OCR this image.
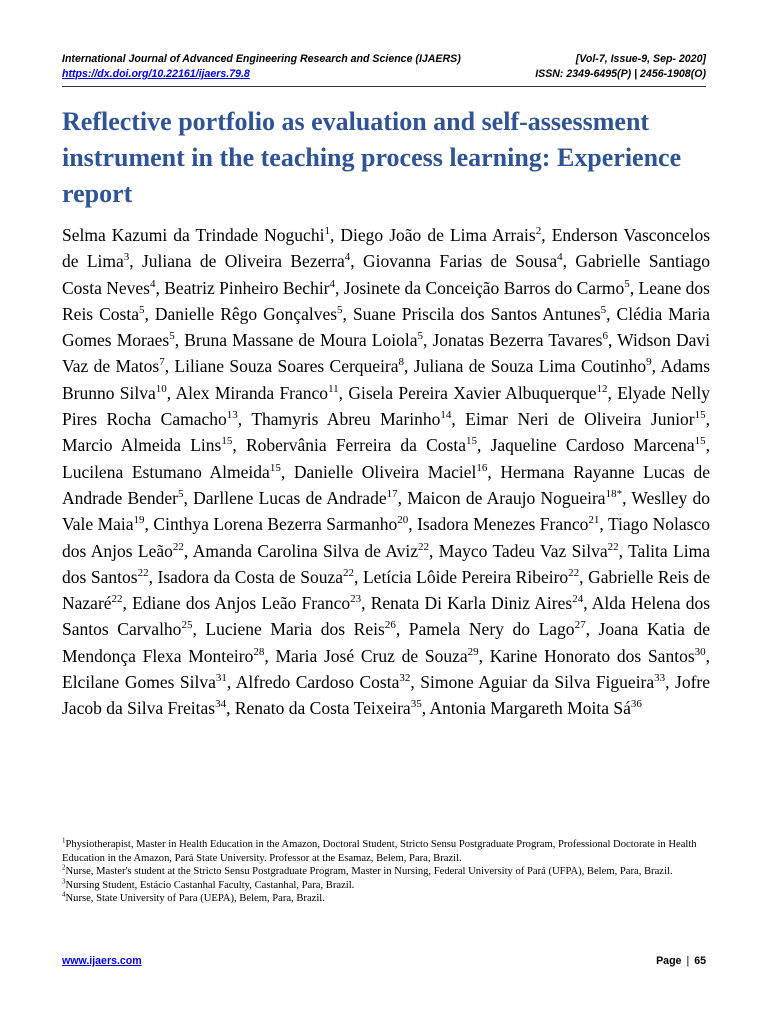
International Journal of Advanced Engineering Research and Science (IJAERS)	[Vol-7, Issue-9, Sep- 2020]
https://dx.doi.org/10.22161/ijaers.79.8	ISSN: 2349-6495(P) | 2456-1908(O)
Reflective portfolio as evaluation and self-assessment instrument in the teaching process learning: Experience report

Selma Kazumi da Trindade Noguchi$^1$, Diego João de Lima Arrais$^2$, Enderson Vasconcelos de Lima$^3$, Juliana de Oliveira Bezerra$^4$, Giovanna Farias de Sousa$^4$, Gabrielle Santiago Costa Neves$^4$, Beatriz Pinheiro Bechir$^4$, Josinete da Conceição Barros do Carmo$^5$, Leane dos Reis Costa$^5$, Danielle Rêgo Gonçalves$^5$, Suane Priscila dos Santos Antunes$^5$, Clédia Maria Gomes Moraes$^5$, Bruna Massane de Moura Loiola$^5$, Jonatas Bezerra Tavares$^6$, Widson Davi Vaz de Matos$^7$, Liliane Souza Soares Cerqueira$^8$, Juliana de Souza Lima Coutinho$^9$, Adams Brunno Silva$^{10}$, Alex Miranda Franco$^{11}$, Gisela Pereira Xavier Albuquerque$^{12}$, Elyade Nelly Pires Rocha Camacho$^{13}$, Thamyris Abreu Marinho$^{14}$, Eimar Neri de Oliveira Junior$^{15}$, Marcio Almeida Lins$^{15}$, Robervânia Ferreira da Costa$^{15}$, Jaqueline Cardoso Marcena$^{15}$, Lucilena Estumano Almeida$^{15}$, Danielle Oliveira Maciel$^{16}$, Hermana Rayanne Lucas de Andrade Bender$^5$, Darllene Lucas de Andrade$^{17}$, Maicon de Araujo Nogueira$^{18*}$, Weslley do Vale Maia$^{19}$, Cinthya Lorena Bezerra Sarmanho$^{20}$, Isadora Menezes Franco$^{21}$, Tiago Nolasco dos Anjos Leão$^{22}$, Amanda Carolina Silva de Aviz$^{22}$, Mayco Tadeu Vaz Silva$^{22}$, Talita Lima dos Santos$^{22}$, Isadora da Costa de Souza$^{22}$, Letícia Lôide Pereira Ribeiro$^{22}$, Gabrielle Reis de Nazaré$^{22}$, Ediane dos Anjos Leão Franco$^{23}$, Renata Di Karla Diniz Aires$^{24}$, Alda Helena dos Santos Carvalho$^{25}$, Luciene Maria dos Reis$^{26}$, Pamela Nery do Lago$^{27}$, Joana Katia de Mendonça Flexa Monteiro$^{28}$, Maria José Cruz de Souza$^{29}$, Karine Honorato dos Santos$^{30}$, Elcilane Gomes Silva$^{31}$, Alfredo Cardoso Costa$^{32}$, Simone Aguiar da Silva Figueira$^{33}$, Jofre Jacob da Silva Freitas$^{34}$, Renato da Costa Teixeira$^{35}$, Antonia Margareth Moita $Sá^{36}$

$^1$Physiotherapist, Master in Health Education in the Amazon, Doctoral Student, Stricto Sensu Postgraduate Program, Professional Doctorate in Health Education in the Amazon, Pará State University. Professor at the Esamaz, Belem, Para, Brazil.

$^2$Nurse, Master's student at the Stricto Sensu Postgraduate Program, Master in Nursing, Federal University of Pará (UFPA), Belem, Para, Brazil.

$^3$Nursing Student, Estácio Castanhal Faculty, Castanhal, Para, Brazil.

$^4$Nurse, State University of Para (UEPA), Belem, Para, Brazil.

www.ijaers.com	Page | 65
